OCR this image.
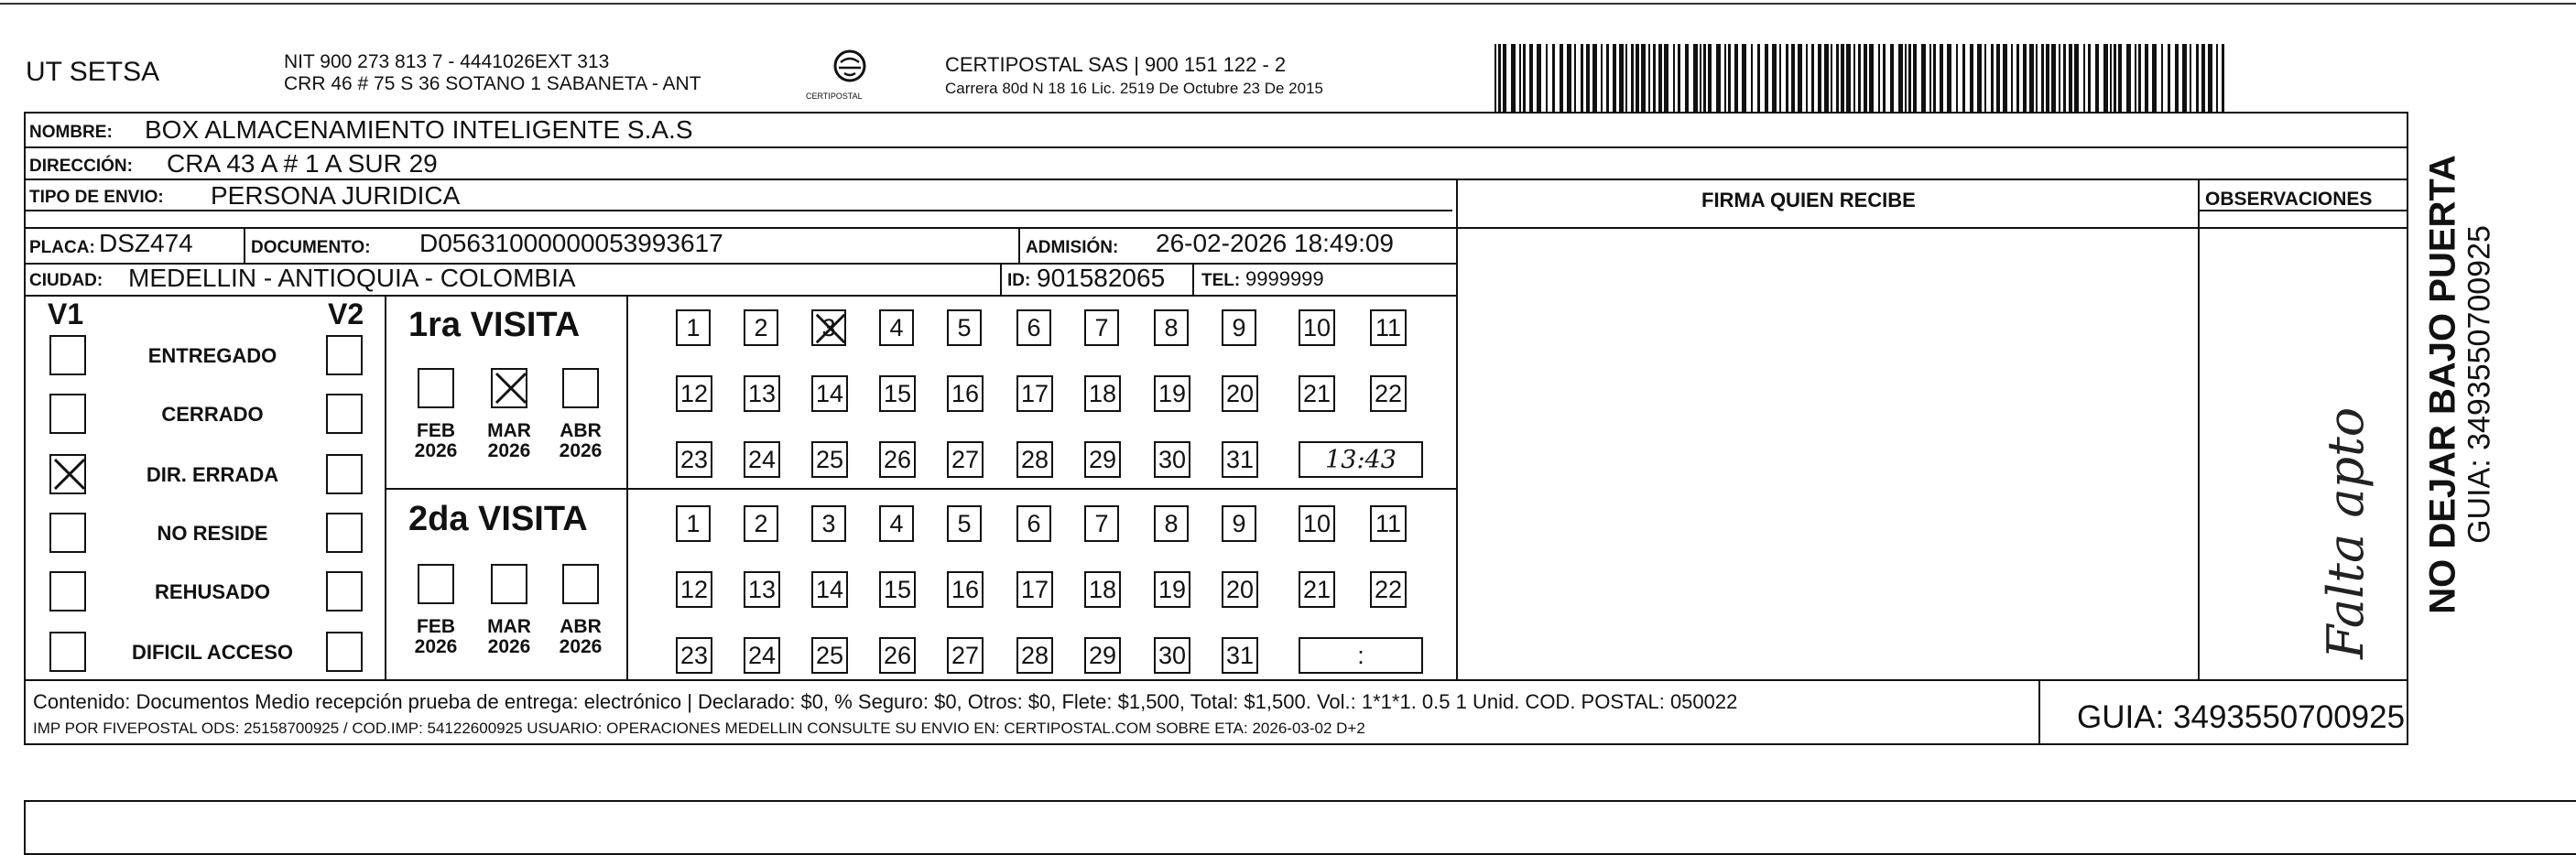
UT SETSA	NIT 900 273 813 7 - 4441026EXT 313
CRR 46 # 75 S 36 SOTANO 1 SABANETA - ANT
CERTIPOSTAL
CERTIPOSTAL SAS | 900 151 122 - 2
Carrera 80d N 18 16 Lic. 2519 De Octubre 23 De 2015
NOMBRE: BOX ALMACENAMIENTO INTELIGENTE S.A.S
DIRECCIÓN: CRA 43 A # 1 A SUR 29
TIPO DE ENVIO: PERSONA JURIDICA
PLACA: DSZ474	DOCUMENTO: D056310000000539936​17	ADMISIÓN: 26-02-2026 18:49:09
CIUDAD: MEDELLIN - ANTIOQUIA - COLOMBIA	ID: 901582065 TEL: 9999999
FIRMA QUIEN RECIBE	OBSERVACIONES
Falta apto
V1	V2
ENTREGADO
CERRADO
DIR. ERRADA
NO RESIDE
REHUSADO
DIFICIL ACCESO
1ra VISITA
FEB
2026
MAR
2026
ABR
2026
1	2	3	4	5	6	7	8	9	10 11
12 13 14 15 16 17 18 19 20 21 22
23 24 25 26 27 28 29 30 31	13:43
2da VISITA
FEB
2026
MAR
2026
ABR
2026
1	2	3	4	5	6	7	8	9	10 11
12 13 14 15 16 17 18 19 20 21 22
23 24 25 26 27 28 29 30 31	:
Contenido: Documentos Medio recepción prueba de entrega: electrónico | Declarado: $0, % Seguro: $0, Otros: $0, Flete: $1,500, Total: $1,500. Vol.: 1*1*1. 0.5 1 Unid. COD. POSTAL: 050022
IMP POR FIVEPOSTAL ODS: 25158700925 / COD.IMP: 54122600925 USUARIO: OPERACIONES MEDELLIN CONSULTE SU ENVIO EN: CERTIPOSTAL.COM SOBRE ETA: 2026-03-02 D+2	GUIA: 3493550700925
NO DEJAR BAJO PUERTA GUIA: 3493550700925
